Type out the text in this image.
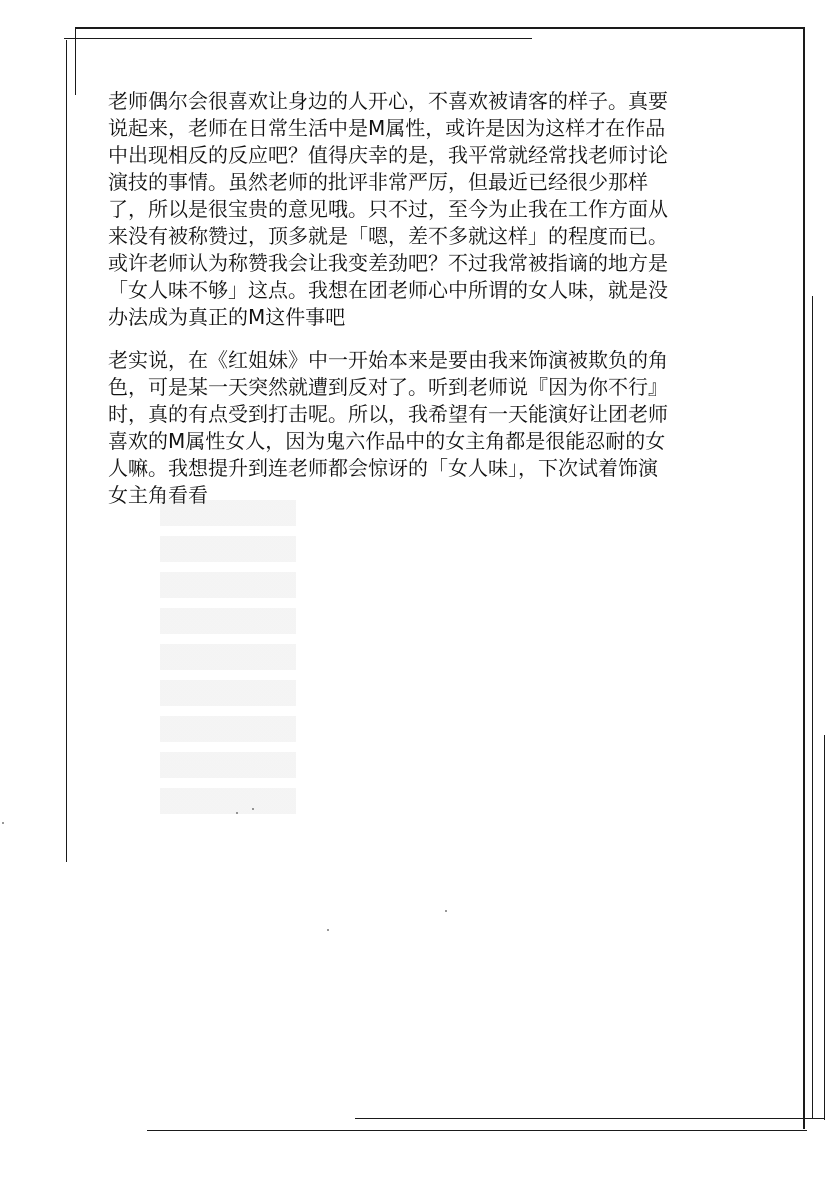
老师偶尔会很喜欢让身边的人开心，不喜欢被请客的样子。真要
说起来，老师在日常生活中是M属性，或许是因为这样才在作品
中出现相反的反应吧？值得庆幸的是，我平常就经常找老师讨论
演技的事情。虽然老师的批评非常严厉，但最近已经很少那样
了，所以是很宝贵的意见哦。只不过，至今为止我在工作方面从
来没有被称赞过，顶多就是「嗯，差不多就这样」的程度而已。
或许老师认为称赞我会让我变差劲吧？不过我常被指谪的地方是
「女人味不够」这点。我想在团老师心中所谓的女人味，就是没
办法成为真正的M这件事吧
老实说，在《红姐妹》中一开始本来是要由我来饰演被欺负的角
色，可是某一天突然就遭到反对了。听到老师说『因为你不行』
时，真的有点受到打击呢。所以，我希望有一天能演好让团老师
喜欢的M属性女人，因为鬼六作品中的女主角都是很能忍耐的女
人嘛。我想提升到连老师都会惊讶的「女人味」，下次试着饰演
女主角看看
